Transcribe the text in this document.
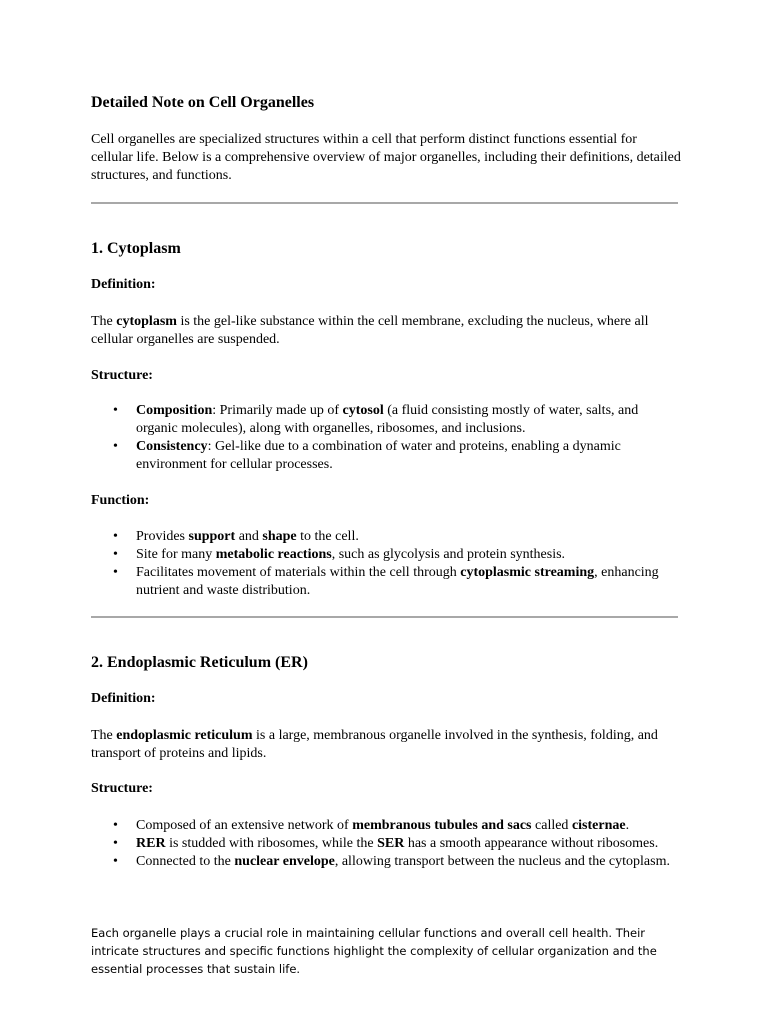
Detailed Note on Cell Organelles

Cell organelles are specialized structures within a cell that perform distinct functions essential for cellular life. Below is a comprehensive overview of major organelles, including their definitions, detailed structures, and functions.

1. Cytoplasm

Definition:

The cytoplasm is the gel-like substance within the cell membrane, excluding the nucleus, where all cellular organelles are suspended.

Structure:

• Composition: Primarily made up of cytosol (a fluid consisting mostly of water, salts, and organic molecules), along with organelles, ribosomes, and inclusions.
• Consistency: Gel-like due to a combination of water and proteins, enabling a dynamic environment for cellular processes.

Function:

• Provides support and shape to the cell.
• Site for many metabolic reactions, such as glycolysis and protein synthesis.
• Facilitates movement of materials within the cell through cytoplasmic streaming, enhancing nutrient and waste distribution.
2. Endoplasmic Reticulum (ER)

Definition:

The endoplasmic reticulum is a large, membranous organelle involved in the synthesis, folding, and transport of proteins and lipids.

Structure:

• Composed of an extensive network of membranous tubules and sacs called cisternae.
• RER is studded with ribosomes, while the SER has a smooth appearance without ribosomes.
• Connected to the nuclear envelope, allowing transport between the nucleus and the cytoplasm.

Each organelle plays a crucial role in maintaining cellular functions and overall cell health. Their intricate structures and specific functions highlight the complexity of cellular organization and the essential processes that sustain life.
